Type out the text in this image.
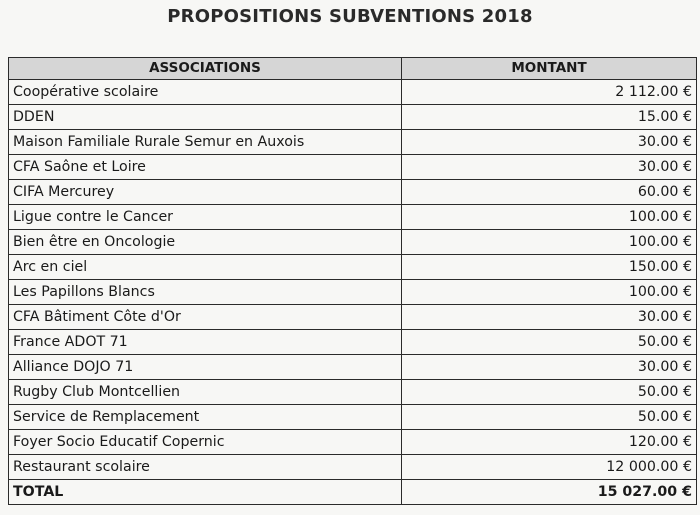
PROPOSITIONS SUBVENTIONS 2018
ASSOCIATIONS	MONTANT
Coopérative scolaire	2 112.00 €
DDEN	15.00 €
Maison Familiale Rurale Semur en Auxois	30.00 €
CFA Saône et Loire	30.00 €
CIFA Mercurey	60.00 €
Ligue contre le Cancer	100.00 €
Bien être en Oncologie	100.00 €
Arc en ciel	150.00 €
Les Papillons Blancs	100.00 €
CFA Bâtiment Côte d'Or	30.00 €
France ADOT 71	50.00 €
Alliance DOJO 71	30.00 €
Rugby Club Montcellien	50.00 €
Service de Remplacement	50.00 €
Foyer Socio Educatif Copernic	120.00 €
Restaurant scolaire	12 000.00 €
TOTAL	15 027.00 €
